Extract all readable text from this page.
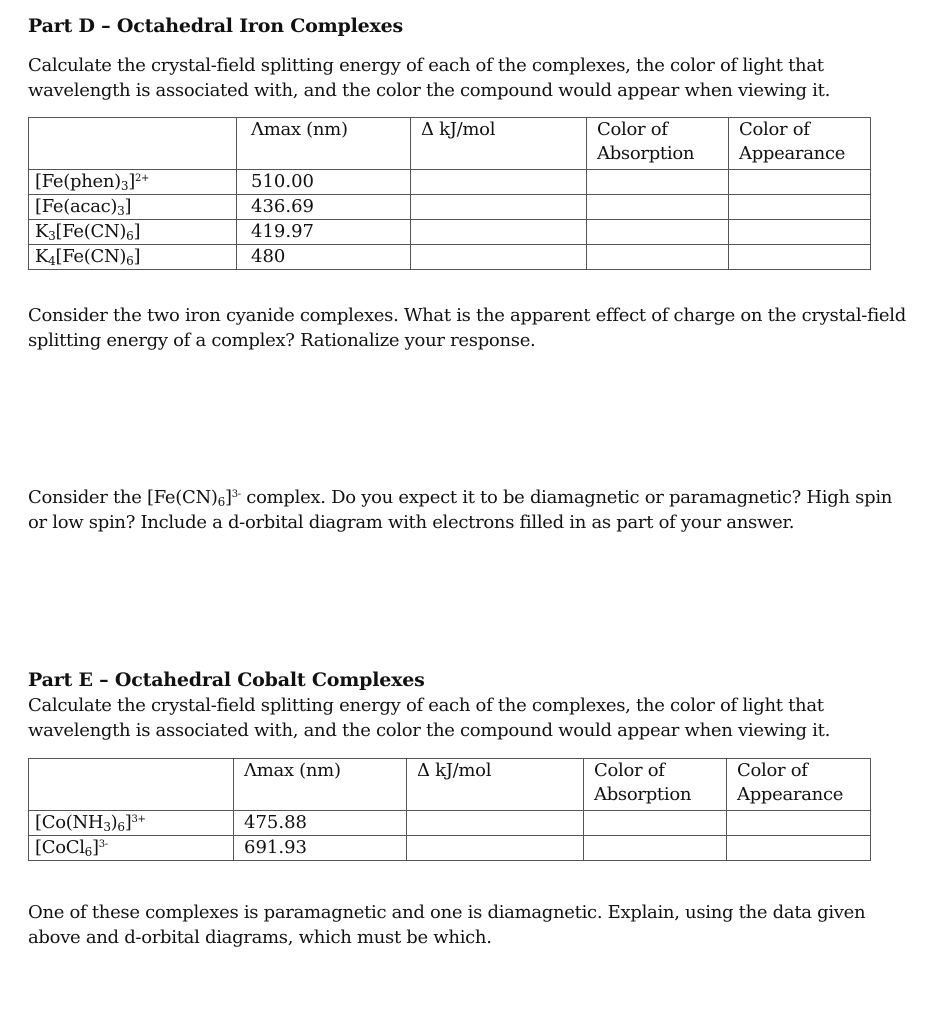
Part D – Octahedral Iron Complexes
Calculate the crystal-field splitting energy of each of the complexes, the color of light that wavelength is associated with, and the color the compound would appear when viewing it.
	Λmax (nm)	Δ kJ/mol	Color of Absorption	Color of Appearance
$[Fe(phen)_3]^{2+}$	510.00			
$[Fe(acac)_3]$	436.69			
$K_3[Fe(CN)_6]$	419.97			
$K_4[Fe(CN)_6]$	480			
Consider the two iron cyanide complexes. What is the apparent effect of charge on the crystal-field splitting energy of a complex? Rationalize your response.
Consider the $[Fe(CN)_6]^{3-}$ complex. Do you expect it to be diamagnetic or paramagnetic? High spin or low spin? Include a d-orbital diagram with electrons filled in as part of your answer.
Part E – Octahedral Cobalt Complexes
Calculate the crystal-field splitting energy of each of the complexes, the color of light that wavelength is associated with, and the color the compound would appear when viewing it.
	Λmax (nm)	Δ kJ/mol	Color of Absorption	Color of Appearance
$[Co(NH_3)_6]^{3+}$	475.88			
[CoCl$_6$]$^{3-}$	691.93			
One of these complexes is paramagnetic and one is diamagnetic. Explain, using the data given above and d-orbital diagrams, which must be which.
